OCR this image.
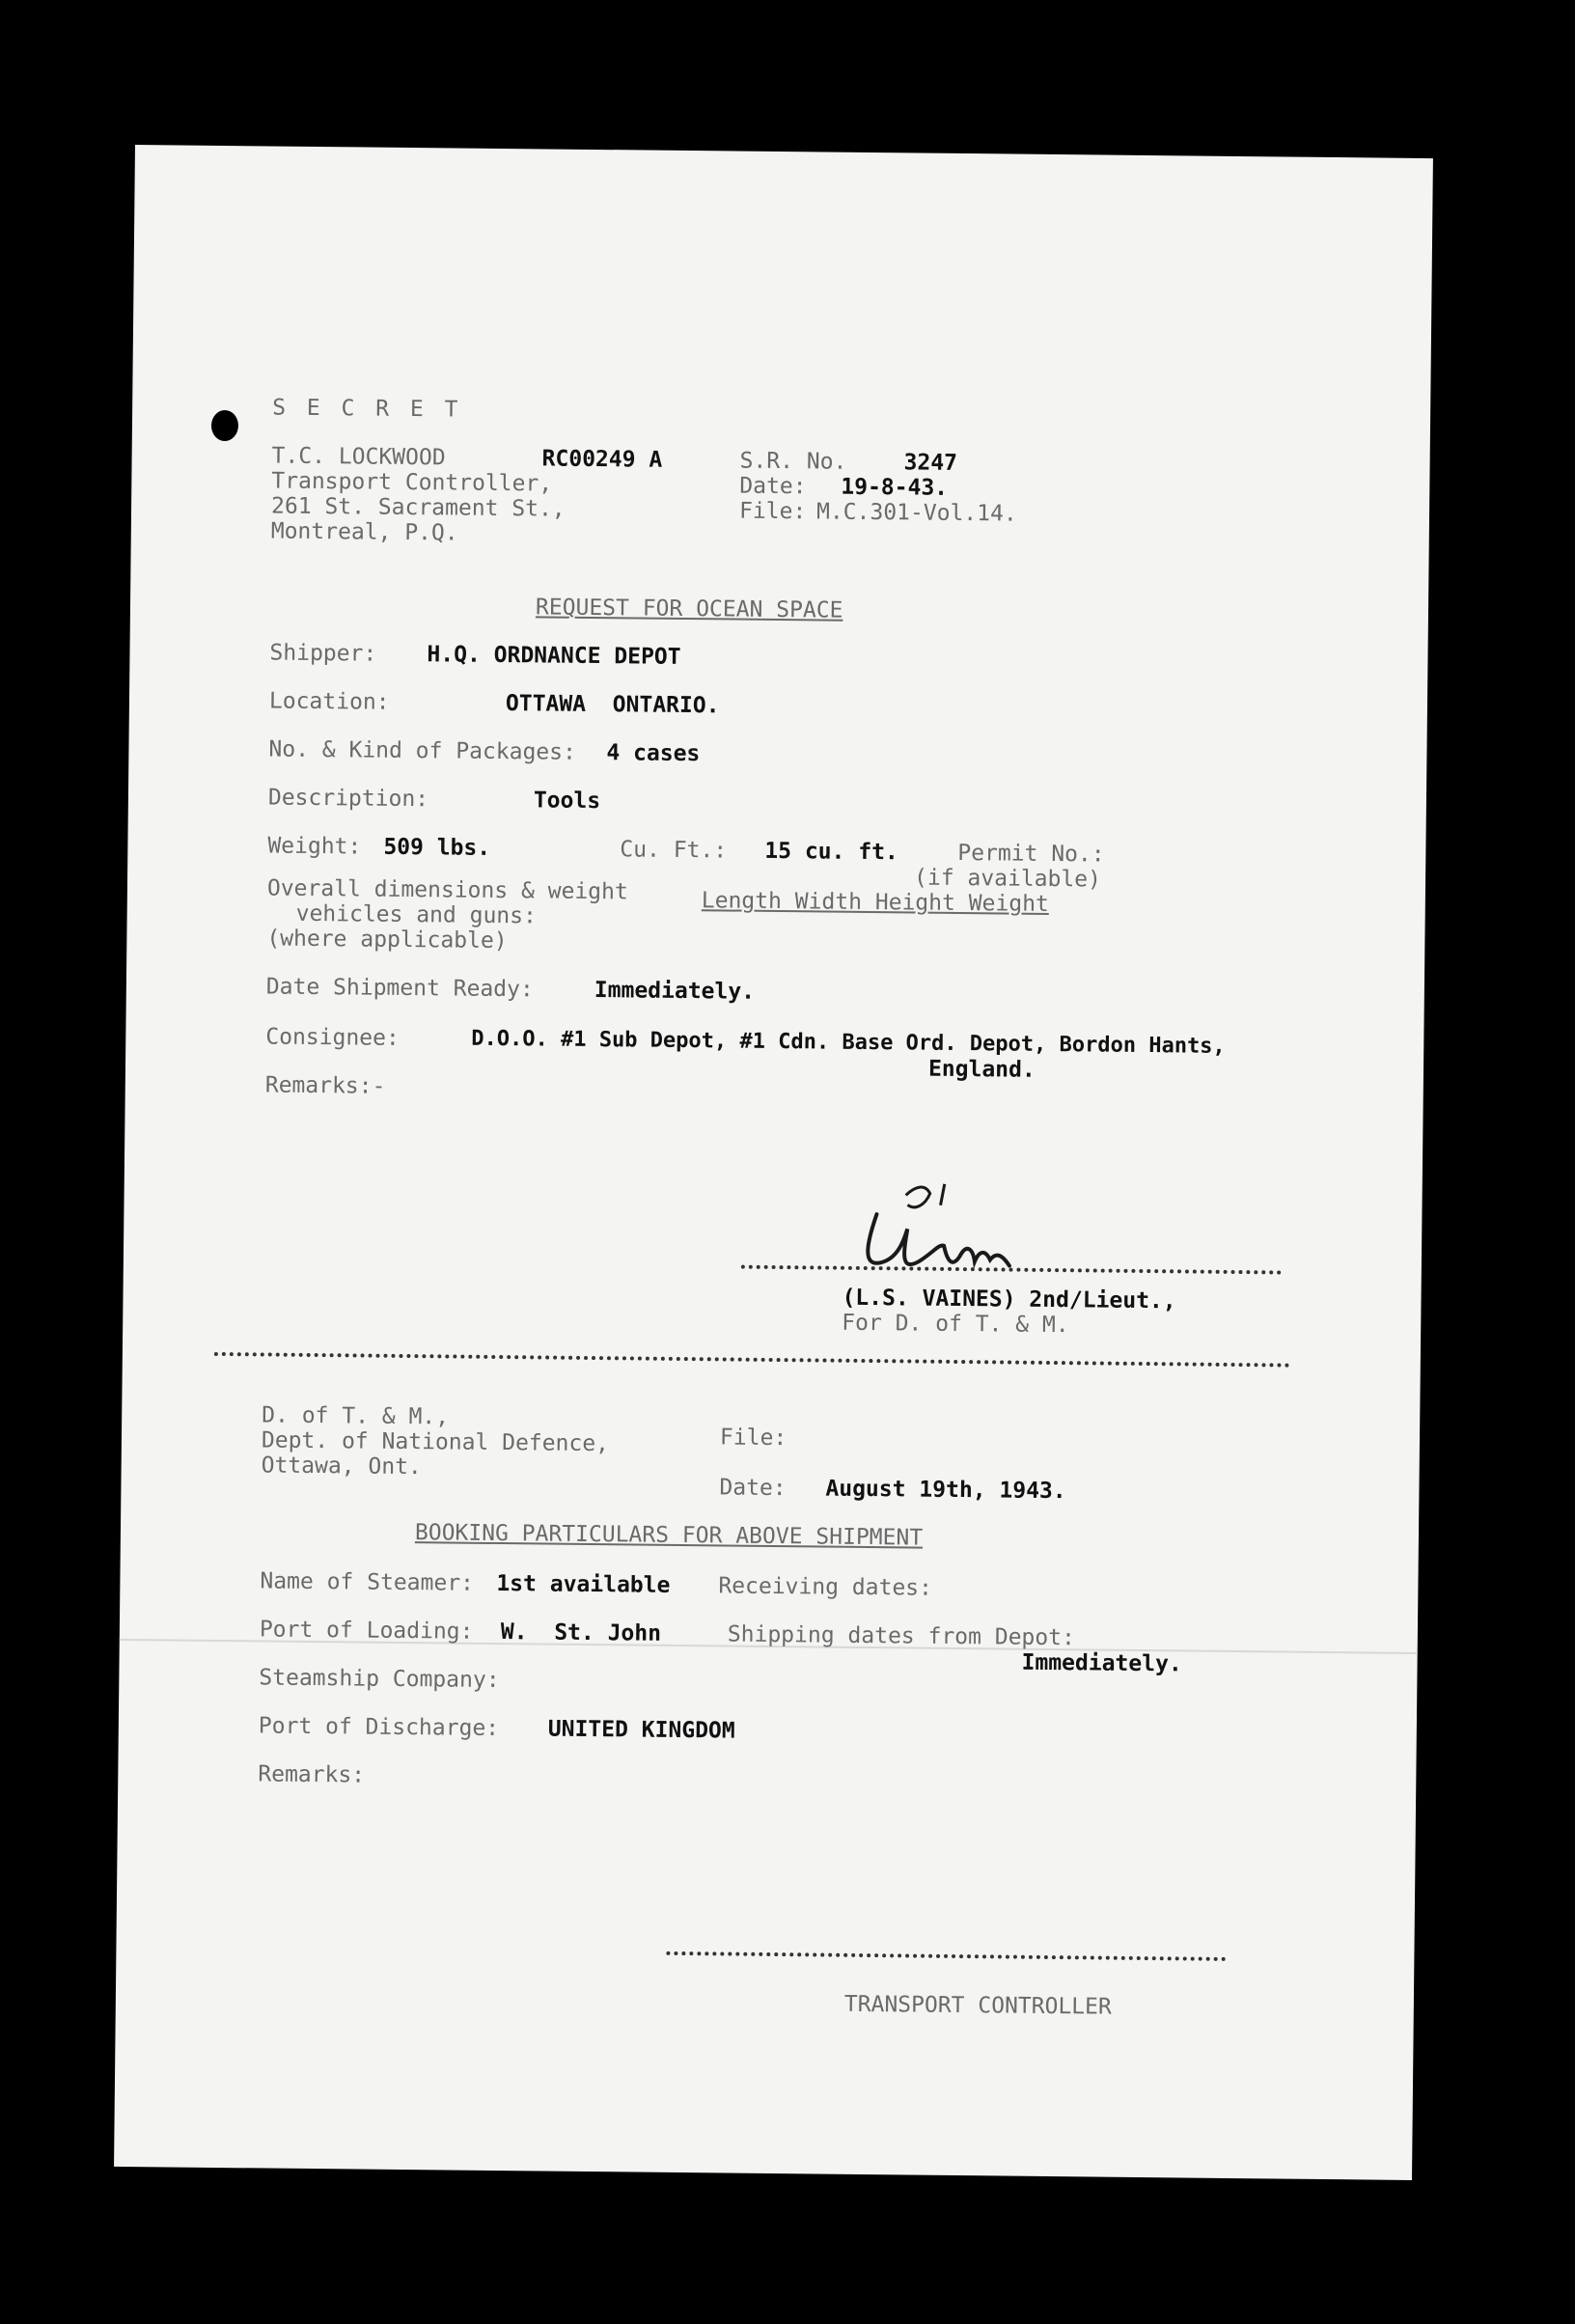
S E C R E T
T.C. LOCKWOOD	RC00249 A
Transport Controller,
261 St. Sacrament St.,
Montreal, P.Q.
S.R. No.	3247
Date: 19-8-43.
File: M.C.301-Vol.14.
REQUEST FOR OCEAN SPACE
Shipper: H.Q. ORDNANCE DEPOT
Location:	OTTAWA  ONTARIO.
No. & Kind of Packages: 4 cases
Description:	Tools
Weight: 509 lbs.	Cu. Ft.: 15 cu. ft.	Permit No.:
(if available)
Overall dimensions & weight	Length Width Height Weight
vehicles and guns:
(where applicable)
Date Shipment Ready:	Immediately.
Consignee:	D.O.O. #1 Sub Depot, #1 Cdn. Base Ord. Depot, Bordon Hants,
England.
Remarks:-
(L.S. VAINES) 2nd/Lieut.,
For D. of T. & M.
D. of T. & M.,
Dept. of National Defence,
Ottawa, Ont.
File:
Date: August 19th, 1943.
BOOKING PARTICULARS FOR ABOVE SHIPMENT
Name of Steamer: 1st available Receiving dates:
Port of Loading: W.  St. John	Shipping dates from Depot:
Immediately.
Steamship Company:
Port of Discharge: UNITED KINGDOM
Remarks:
TRANSPORT CONTROLLER
